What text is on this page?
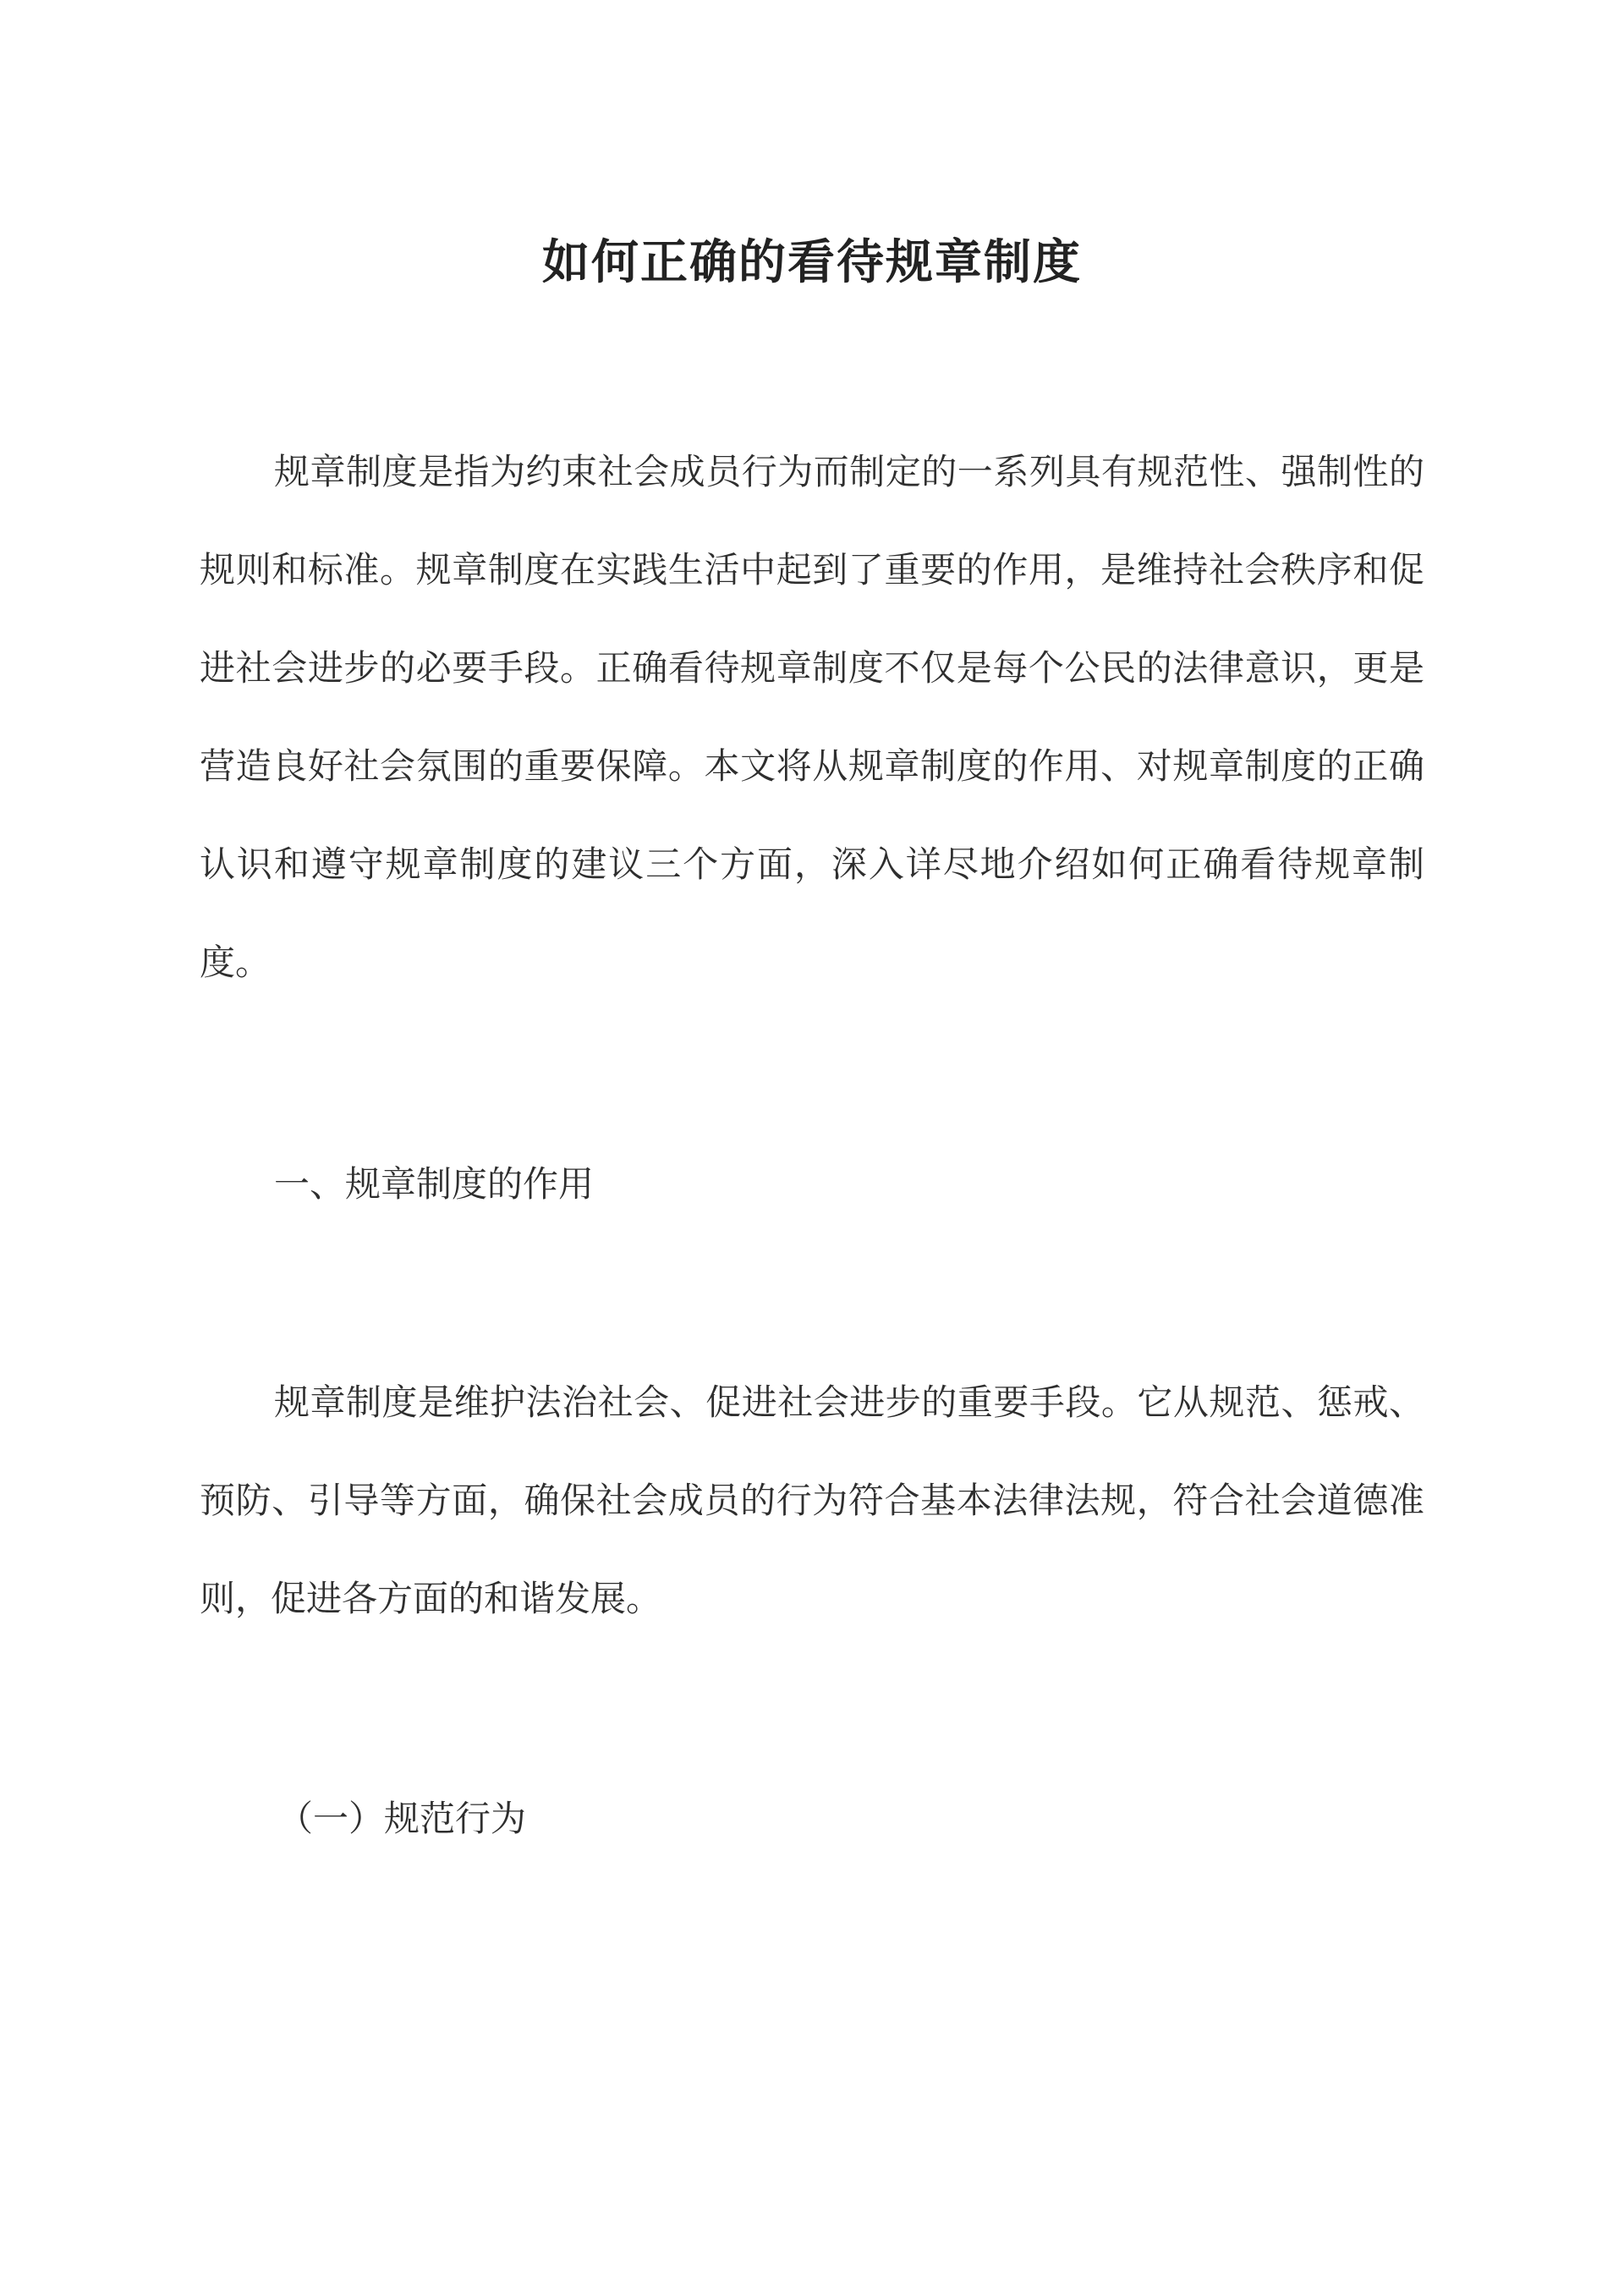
如何正确的看待规章制度

规章制度是指为约束社会成员行为而制定的一系列具有规范性、强制性的规则和标准。规章制度在实践生活中起到了重要的作用，是维持社会秩序和促进社会进步的必要手段。正确看待规章制度不仅是每个公民的法律意识，更是营造良好社会氛围的重要保障。本文将从规章制度的作用、对规章制度的正确认识和遵守规章制度的建议三个方面，深入详尽地介绍如何正确看待规章制度。

一、规章制度的作用

规章制度是维护法治社会、促进社会进步的重要手段。它从规范、惩戒、预防、引导等方面，确保社会成员的行为符合基本法律法规，符合社会道德准则，促进各方面的和谐发展。

（一）规范行为
